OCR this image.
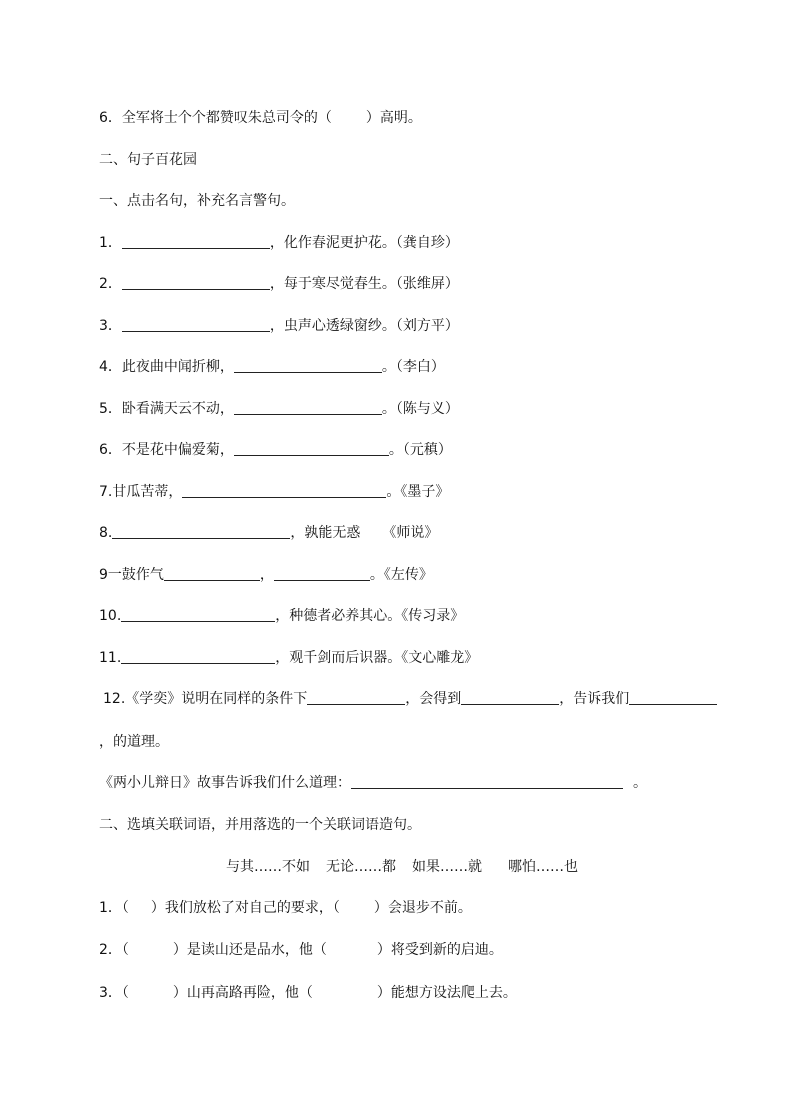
6．全军将士个个都赞叹朱总司令的（ ）高明。
二、句子百花园
一、点击名句，补充名言警句。
1．	，化作春泥更护花。（龚自珍）
2．	，每于寒尽觉春生。（张维屏）
3．	，虫声心透绿窗纱。（刘方平）
4．此夜曲中闻折柳，	。（李白）
5．卧看满天云不动，	。（陈与义）
6．不是花中偏爱菊，	。（元稹）
7.甘瓜苦蒂，	。《墨子》
8.	，孰能无惑 《师说》
9一鼓作气	，	。《左传》
10.	，种德者必养其心。《传习录》
11.	，观千剑而后识器。《文心雕龙》
12.《学奕》说明在同样的条件下	，会得到	，告诉我们
，的道理。
《两小儿辩日》故事告诉我们什么道理：	。
二、选填关联词语，并用落选的一个关联词语造句。
与其……不如 无论……都 如果……就 哪怕……也
1．（ ）我们放松了对自己的要求，（ ）会退步不前。
2．（	）是读山还是品水，他（	）将受到新的启迪。
3．（	）山再高路再险，他（	）能想方设法爬上去。
